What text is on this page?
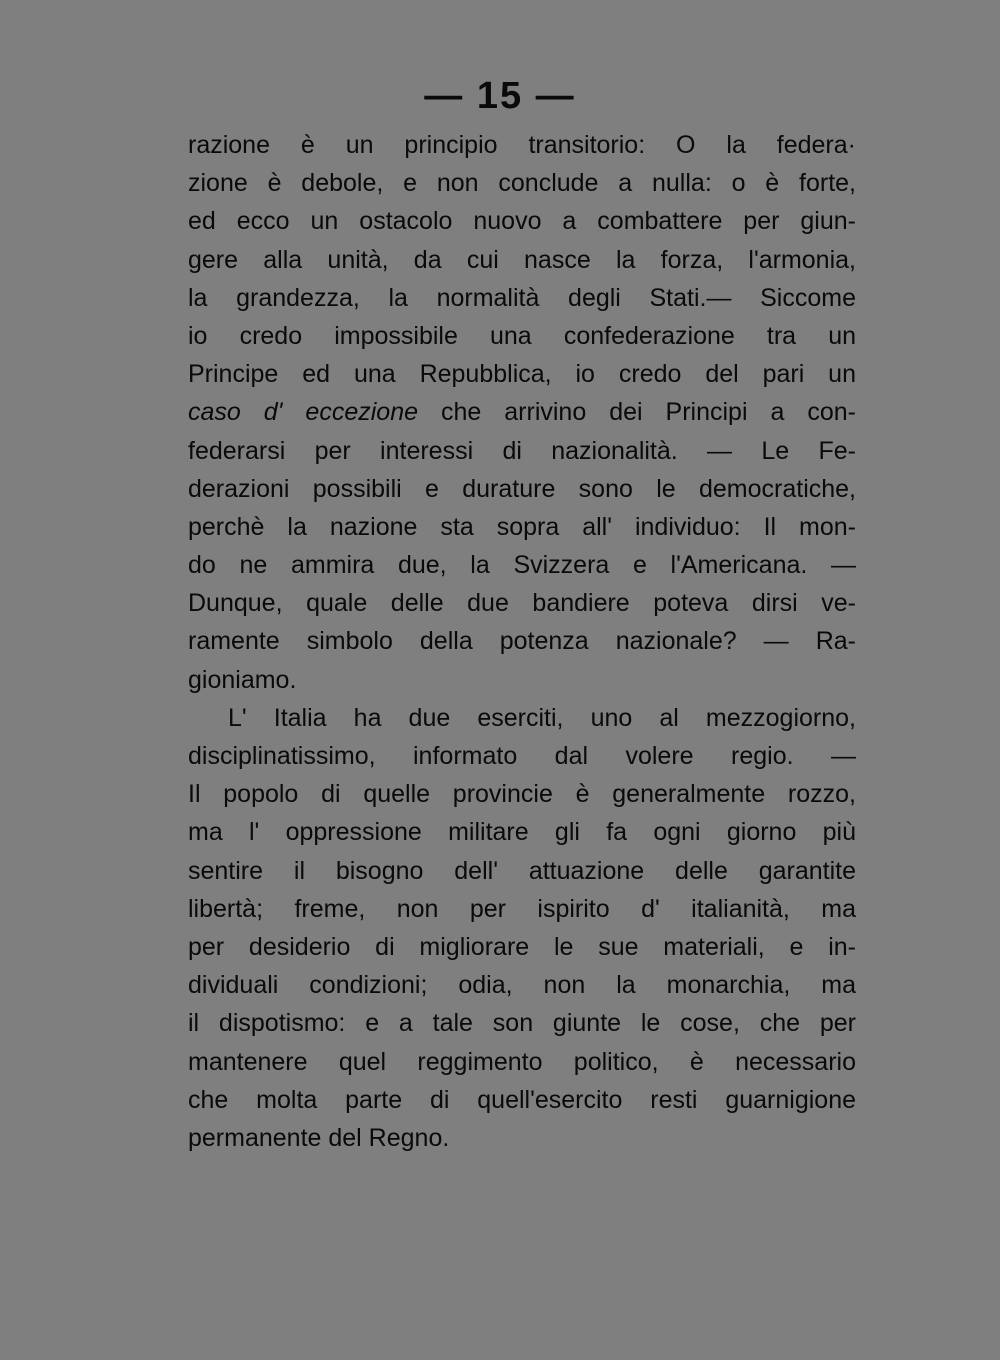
— 15 —
razione è un principio transitorio: O la federa·
zione è debole, e non conclude a nulla: o è forte,
ed ecco un ostacolo nuovo a combattere per giun-
gere alla unità, da cui nasce la forza, l'armonia,
la grandezza, la normalità degli Stati.— Siccome
io credo impossibile una confederazione tra un
Principe ed una Repubblica, io credo del pari un
caso d' eccezione che arrivino dei Principi a con-
federarsi per interessi di nazionalità. — Le Fe-
derazioni possibili e durature sono le democratiche,
perchè la nazione sta sopra all' individuo: Il mon-
do ne ammira due, la Svizzera e l'Americana. —
Dunque, quale delle due bandiere poteva dirsi ve-
ramente simbolo della potenza nazionale? — Ra-
gioniamo.
L' Italia ha due eserciti, uno al mezzogiorno,
disciplinatissimo, informato dal volere regio. —
Il popolo di quelle provincie è generalmente rozzo,
ma l' oppressione militare gli fa ogni giorno più
sentire il bisogno dell' attuazione delle garantite
libertà; freme, non per ispirito d' italianità, ma
per desiderio di migliorare le sue materiali, e in-
dividuali condizioni; odia, non la monarchia, ma
il dispotismo: e a tale son giunte le cose, che per
mantenere quel reggimento politico, è necessario
che molta parte di quell'esercito resti guarnigione
permanente del Regno.
